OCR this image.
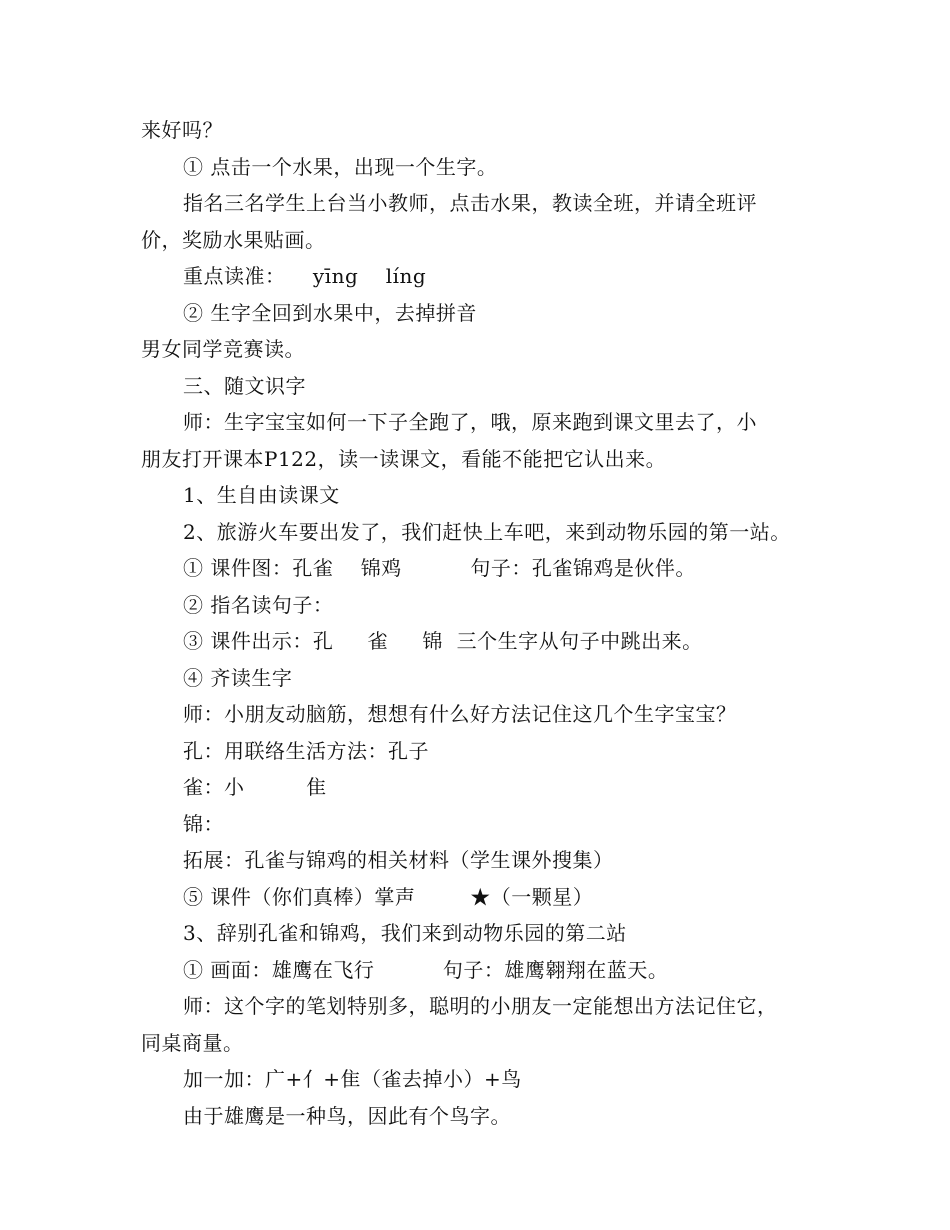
来好吗？
① 点击一个水果，出现一个生字。
指名三名学生上台当小教师，点击水果，教读全班，并请全班评
价，奖励水果贴画。
重点读准：    yīng    líng
② 生字全回到水果中，去掉拼音
男女同学竞赛读。
三、随文识字
师：生字宝宝如何一下子全跑了，哦，原来跑到课文里去了，小
朋友打开课本P122，读一读课文，看能不能把它认出来。
1、生自由读课文
2、旅游火车要出发了，我们赶快上车吧，来到动物乐园的第一站。
① 课件图：孔雀    锦鸡          句子：孔雀锦鸡是伙伴。
② 指名读句子：
③ 课件出示：孔     雀     锦  三个生字从句子中跳出来。
④ 齐读生字
师：小朋友动脑筋，想想有什么好方法记住这几个生字宝宝？
孔：用联络生活方法：孔子
雀：小         隹
锦：
拓展：孔雀与锦鸡的相关材料（学生课外搜集）
⑤ 课件（你们真棒）掌声        ★（一颗星）
3、辞别孔雀和锦鸡，我们来到动物乐园的第二站
① 画面：雄鹰在飞行          句子：雄鹰翱翔在蓝天。
师：这个字的笔划特别多，聪明的小朋友一定能想出方法记住它，
同桌商量。
加一加：广+亻+隹（雀去掉小）+鸟
由于雄鹰是一种鸟，因此有个鸟字。
